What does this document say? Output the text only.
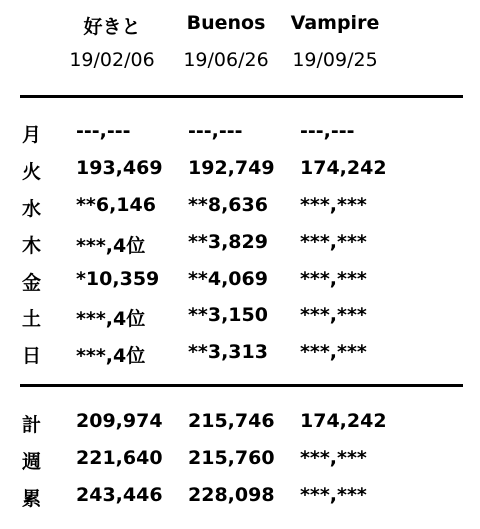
好きと	Buenos	Vampire
19/02/06	19/06/26	19/09/25
月	---,---	---,---	---,---
火	193,469 192,749 174,242
水	**6,146 **8,636 ***,***
木	***,4位 **3,829 ***,***
金	*10,359 **4,069 ***,***
土	***,4位 **3,150 ***,***
日	***,4位 **3,313 ***,***
計	209,974 215,746 174,242
週	221,640 215,760 ***,***
累	243,446 228,098 ***,***
